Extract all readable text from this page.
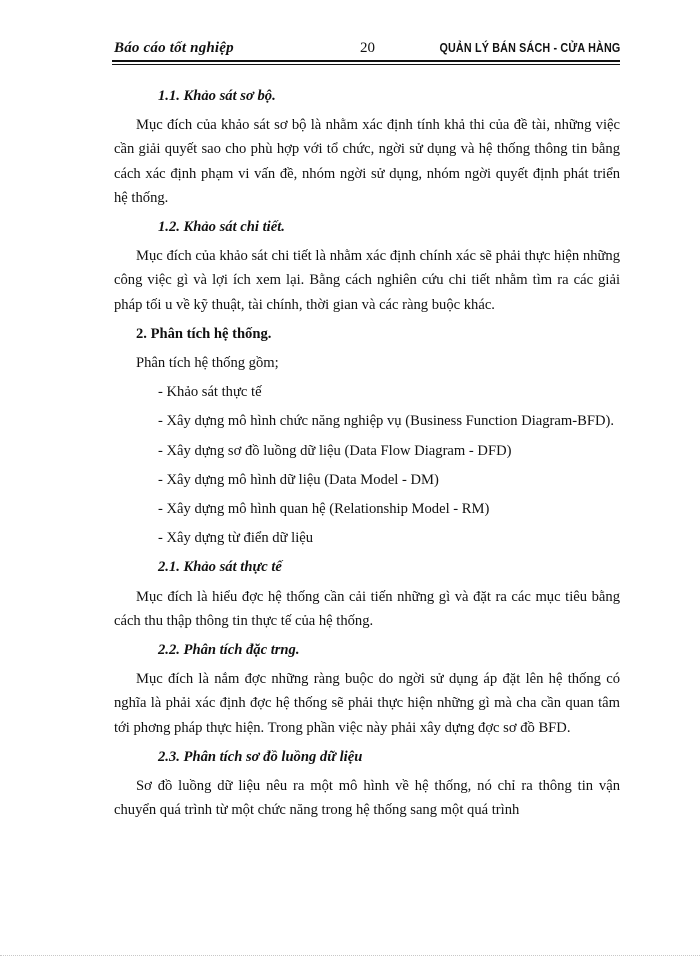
Báo cáo tốt nghiệp	20	QUẢN LÝ BÁN SÁCH - CỬA HÀNG

1.1. Khảo sát sơ bộ.

Mục đích của khảo sát sơ bộ là nhằm xác định tính khả thi của đề tài, những việc cần giải quyết sao cho phù hợp với tổ chức, ngời sử dụng và hệ thống thông tin bằng cách xác định phạm vi vấn đề, nhóm ngời sử dụng, nhóm ngời quyết định phát triển hệ thống.

1.2. Khảo sát chi tiết.

Mục đích của khảo sát chi tiết là nhằm xác định chính xác sẽ phải thực hiện những công việc gì và lợi ích xem lại. Bằng cách nghiên cứu chi tiết nhằm tìm ra các giải pháp tối u về kỹ thuật, tài chính, thời gian và các ràng buộc khác.

2. Phân tích hệ thống.

Phân tích hệ thống gồm;

- Khảo sát thực tế

- Xây dựng mô hình chức năng nghiệp vụ (Business Function Diagram-BFD).

- Xây dựng sơ đồ luồng dữ liệu (Data Flow Diagram - DFD)

- Xây dựng mô hình dữ liệu (Data Model - DM)

- Xây dựng mô hình quan hệ (Relationship Model - RM)

- Xây dựng từ điển dữ liệu

2.1. Khảo sát thực tế

Mục đích là hiểu đợc hệ thống cần cải tiến những gì và đặt ra các mục tiêu bằng cách thu thập thông tin thực tế của hệ thống.

2.2. Phân tích đặc trng.

Mục đích là nắm đợc những ràng buộc do ngời sử dụng áp đặt lên hệ thống có nghĩa là phải xác định đợc hệ thống sẽ phải thực hiện những gì mà cha cần quan tâm tới phơng pháp thực hiện. Trong phần việc này phải xây dựng đợc sơ đồ BFD.

2.3. Phân tích sơ đồ luồng dữ liệu

Sơ đồ luồng dữ liệu nêu ra một mô hình về hệ thống, nó chỉ ra thông tin vận chuyển quá trình từ một chức năng trong hệ thống sang một quá trình
